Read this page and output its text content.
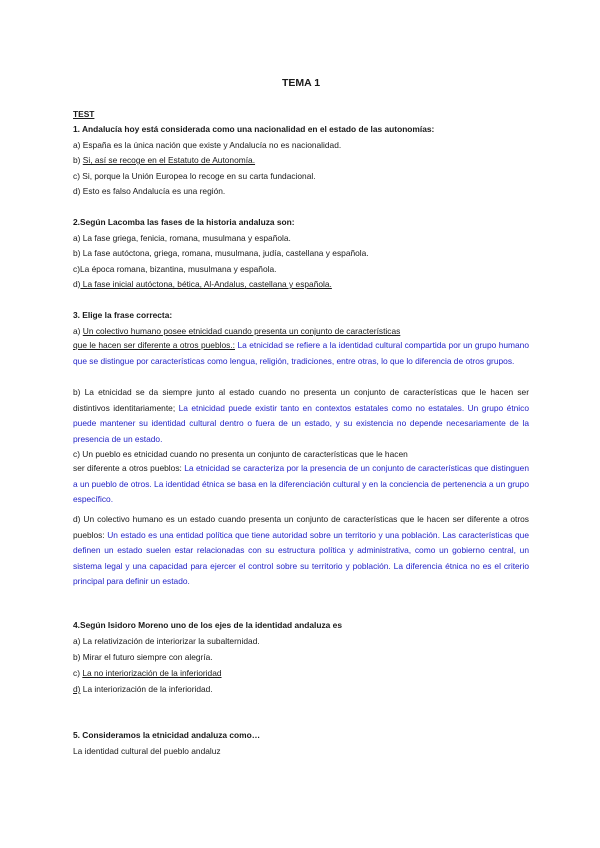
TEMA 1
TEST
1. Andalucía hoy está considerada como una nacionalidad en el estado de las autonomías:
a) España es la única nación que existe y Andalucía no es nacionalidad.
b) Si, así se recoge en el Estatuto de Autonomía.
c) Si, porque la Unión Europea lo recoge en su carta fundacional.
d) Esto es falso Andalucía es una región.
2.Según Lacomba las fases de la historia andaluza son:
a) La fase griega, fenicia, romana, musulmana y española.
b) La fase autóctona, griega, romana, musulmana, judía, castellana y española.
c)La época romana, bizantina, musulmana y española.
d) La fase inicial autóctona, bética, Al-Andalus, castellana y española.
3. Elige la frase correcta:
a) Un colectivo humano posee etnicidad cuando presenta un conjunto de características
que le hacen ser diferente a otros pueblos.: La etnicidad se refiere a la identidad cultural compartida por un grupo humano que se distingue por características como lengua, religión, tradiciones, entre otras, lo que lo diferencia de otros grupos.
b) La etnicidad se da siempre junto al estado cuando no presenta un conjunto de características que le hacen ser distintivos identitariamente; La etnicidad puede existir tanto en contextos estatales como no estatales. Un grupo étnico puede mantener su identidad cultural dentro o fuera de un estado, y su existencia no depende necesariamente de la presencia de un estado.
c) Un pueblo es etnicidad cuando no presenta un conjunto de características que le hacen
ser diferente a otros pueblos: La etnicidad se caracteriza por la presencia de un conjunto de características que distinguen a un pueblo de otros. La identidad étnica se basa en la diferenciación cultural y en la conciencia de pertenencia a un grupo específico.
d) Un colectivo humano es un estado cuando presenta un conjunto de características que le hacen ser diferente a otros pueblos: Un estado es una entidad política que tiene autoridad sobre un territorio y una población. Las características que definen un estado suelen estar relacionadas con su estructura política y administrativa, como un gobierno central, un sistema legal y una capacidad para ejercer el control sobre su territorio y población. La diferencia étnica no es el criterio principal para definir un estado.
4.Según Isidoro Moreno uno de los ejes de la identidad andaluza es
a) La relativización de interiorizar la subalternidad.
b) Mirar el futuro siempre con alegría.
c) La no interiorización de la inferioridad
d) La interiorización de la inferioridad.
5. Consideramos la etnicidad andaluza como…
La identidad cultural del pueblo andaluz
